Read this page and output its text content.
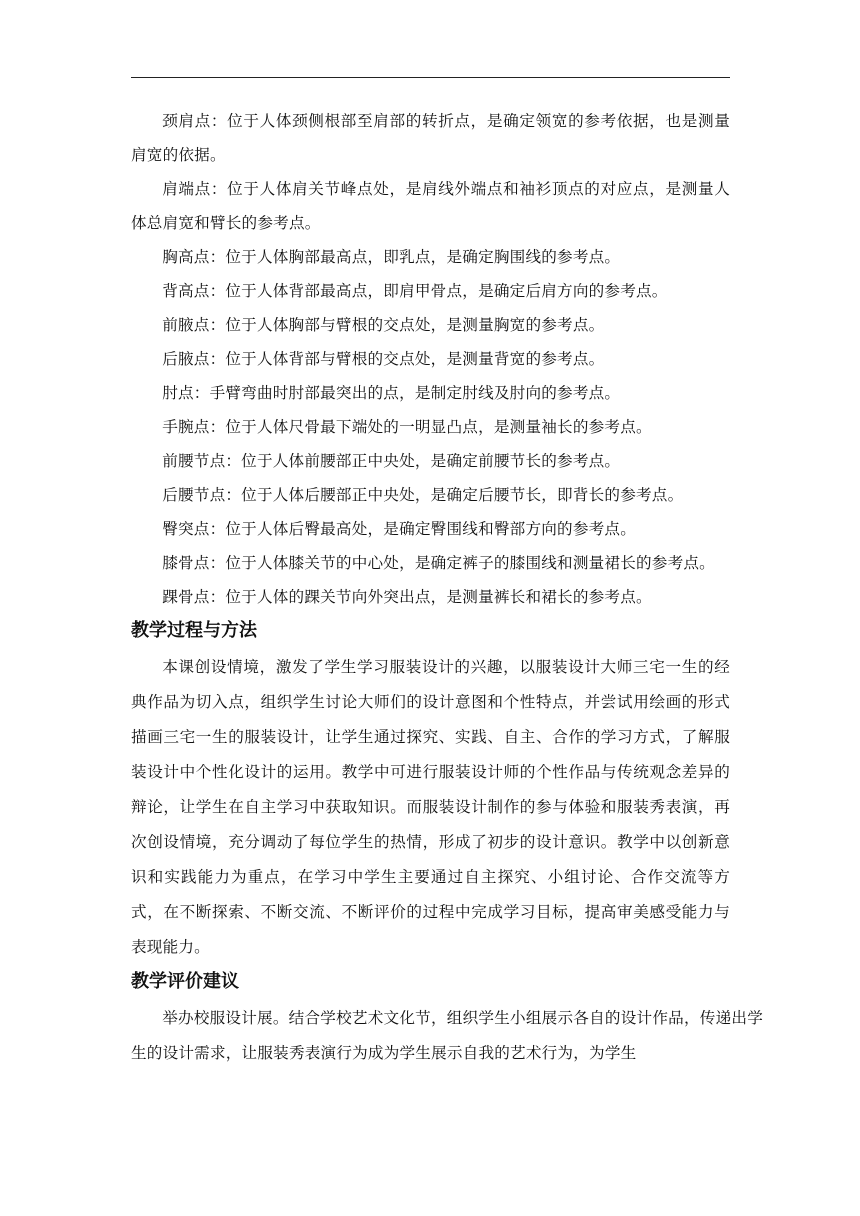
颈肩点：位于人体颈侧根部至肩部的转折点，是确定领宽的参考依据，也是测量肩宽的依据。

肩端点：位于人体肩关节峰点处，是肩线外端点和袖衫顶点的对应点，是测量人体总肩宽和臂长的参考点。

胸高点：位于人体胸部最高点，即乳点，是确定胸围线的参考点。

背高点：位于人体背部最高点，即肩甲骨点，是确定后肩方向的参考点。

前腋点：位于人体胸部与臂根的交点处，是测量胸宽的参考点。

后腋点：位于人体背部与臂根的交点处，是测量背宽的参考点。

肘点：手臂弯曲时肘部最突出的点，是制定肘线及肘向的参考点。

手腕点：位于人体尺骨最下端处的一明显凸点，是测量袖长的参考点。

前腰节点：位于人体前腰部正中央处，是确定前腰节长的参考点。

后腰节点：位于人体后腰部正中央处，是确定后腰节长，即背长的参考点。

臀突点：位于人体后臀最高处，是确定臀围线和臀部方向的参考点。

膝骨点：位于人体膝关节的中心处，是确定裤子的膝围线和测量裙长的参考点。

踝骨点：位于人体的踝关节向外突出点，是测量裤长和裙长的参考点。

教学过程与方法

本课创设情境，激发了学生学习服装设计的兴趣，以服装设计大师三宅一生的经典作品为切入点，组织学生讨论大师们的设计意图和个性特点，并尝试用绘画的形式描画三宅一生的服装设计，让学生通过探究、实践、自主、合作的学习方式，了解服装设计中个性化设计的运用。教学中可进行服装设计师的个性作品与传统观念差异的辩论，让学生在自主学习中获取知识。而服装设计制作的参与体验和服装秀表演，再次创设情境，充分调动了每位学生的热情，形成了初步的设计意识。教学中以创新意识和实践能力为重点，在学习中学生主要通过自主探究、小组讨论、合作交流等方式，在不断探索、不断交流、不断评价的过程中完成学习目标，提高审美感受能力与表现能力。

教学评价建议

举办校服设计展。结合学校艺术文化节，组织学生小组展示各自的设计作品，传递出学生的设计需求，让服装秀表演行为成为学生展示自我的艺术行为，为学生
